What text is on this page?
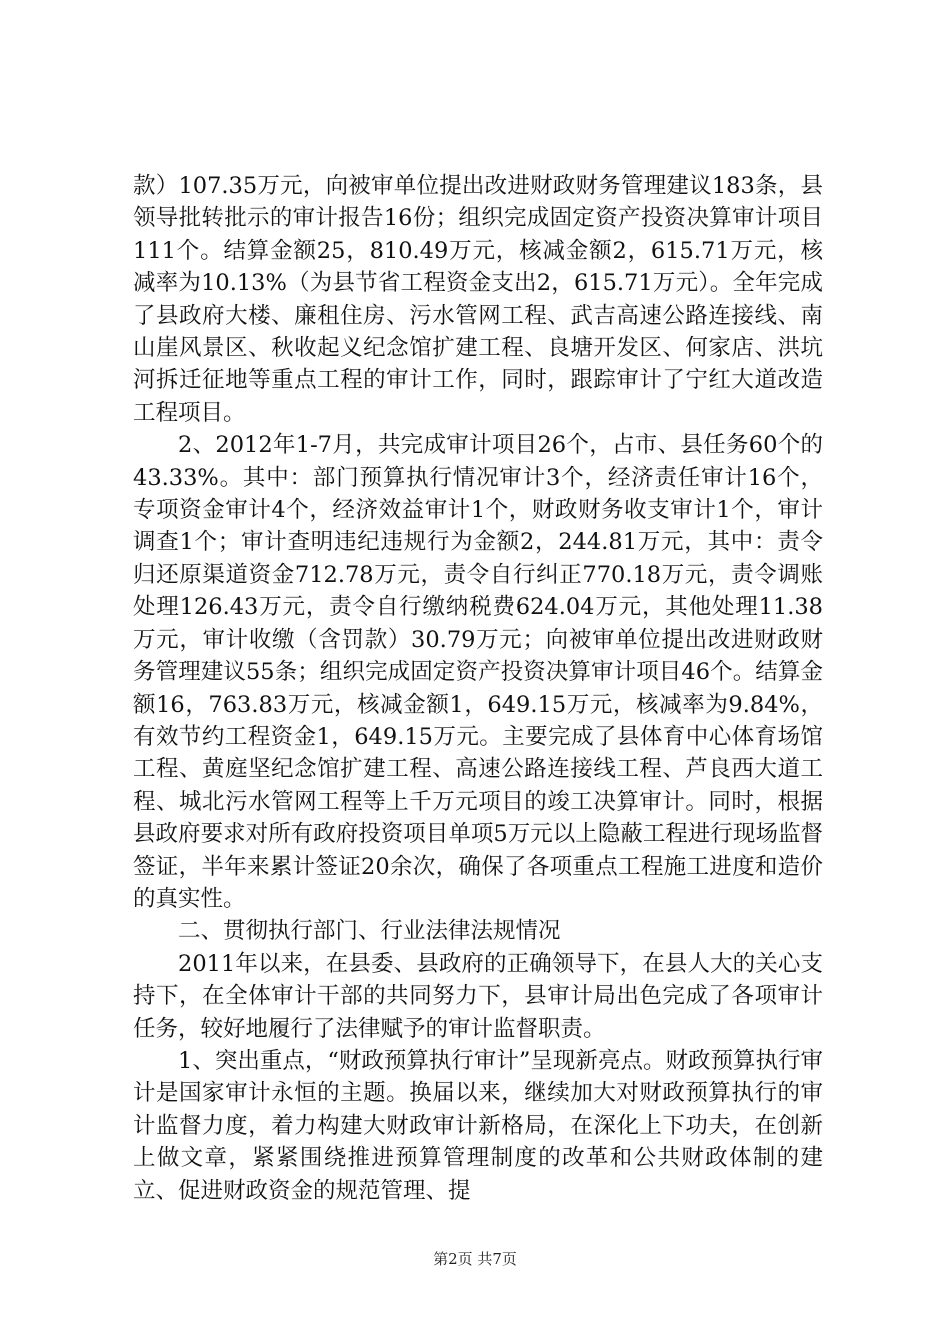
款）107.35万元，向被审单位提出改进财政财务管理建议183条，县领导批转批示的审计报告16份；组织完成固定资产投资决算审计项目111个。结算金额25，810.49万元，核减金额2，615.71万元，核减率为10.13%（为县节省工程资金支出2，615.71万元）。全年完成了县政府大楼、廉租住房、污水管网工程、武吉高速公路连接线、南山崖风景区、秋收起义纪念馆扩建工程、良塘开发区、何家店、洪坑河拆迁征地等重点工程的审计工作，同时，跟踪审计了宁红大道改造工程项目。

2、2012年1-7月，共完成审计项目26个，占市、县任务60个的43.33%。其中：部门预算执行情况审计3个，经济责任审计16个，专项资金审计4个，经济效益审计1个，财政财务收支审计1个，审计调查1个；审计查明违纪违规行为金额2，244.81万元，其中：责令归还原渠道资金712.78万元，责令自行纠正770.18万元，责令调账处理126.43万元，责令自行缴纳税费624.04万元，其他处理11.38万元，审计收缴（含罚款）30.79万元；向被审单位提出改进财政财务管理建议55条；组织完成固定资产投资决算审计项目46个。结算金额16，763.83万元，核减金额1，649.15万元，核减率为9.84%，有效节约工程资金1，649.15万元。主要完成了县体育中心体育场馆工程、黄庭坚纪念馆扩建工程、高速公路连接线工程、芦良西大道工程、城北污水管网工程等上千万元项目的竣工决算审计。同时，根据县政府要求对所有政府投资项目单项5万元以上隐蔽工程进行现场监督签证，半年来累计签证20余次，确保了各项重点工程施工进度和造价的真实性。

二、贯彻执行部门、行业法律法规情况

2011年以来，在县委、县政府的正确领导下，在县人大的关心支持下，在全体审计干部的共同努力下，县审计局出色完成了各项审计任务，较好地履行了法律赋予的审计监督职责。

1、突出重点，“财政预算执行审计”呈现新亮点。财政预算执行审计是国家审计永恒的主题。换届以来，继续加大对财政预算执行的审计监督力度，着力构建大财政审计新格局，在深化上下功夫，在创新上做文章，紧紧围绕推进预算管理制度的改革和公共财政体制的建立、促进财政资金的规范管理、提

第2页 共7页
